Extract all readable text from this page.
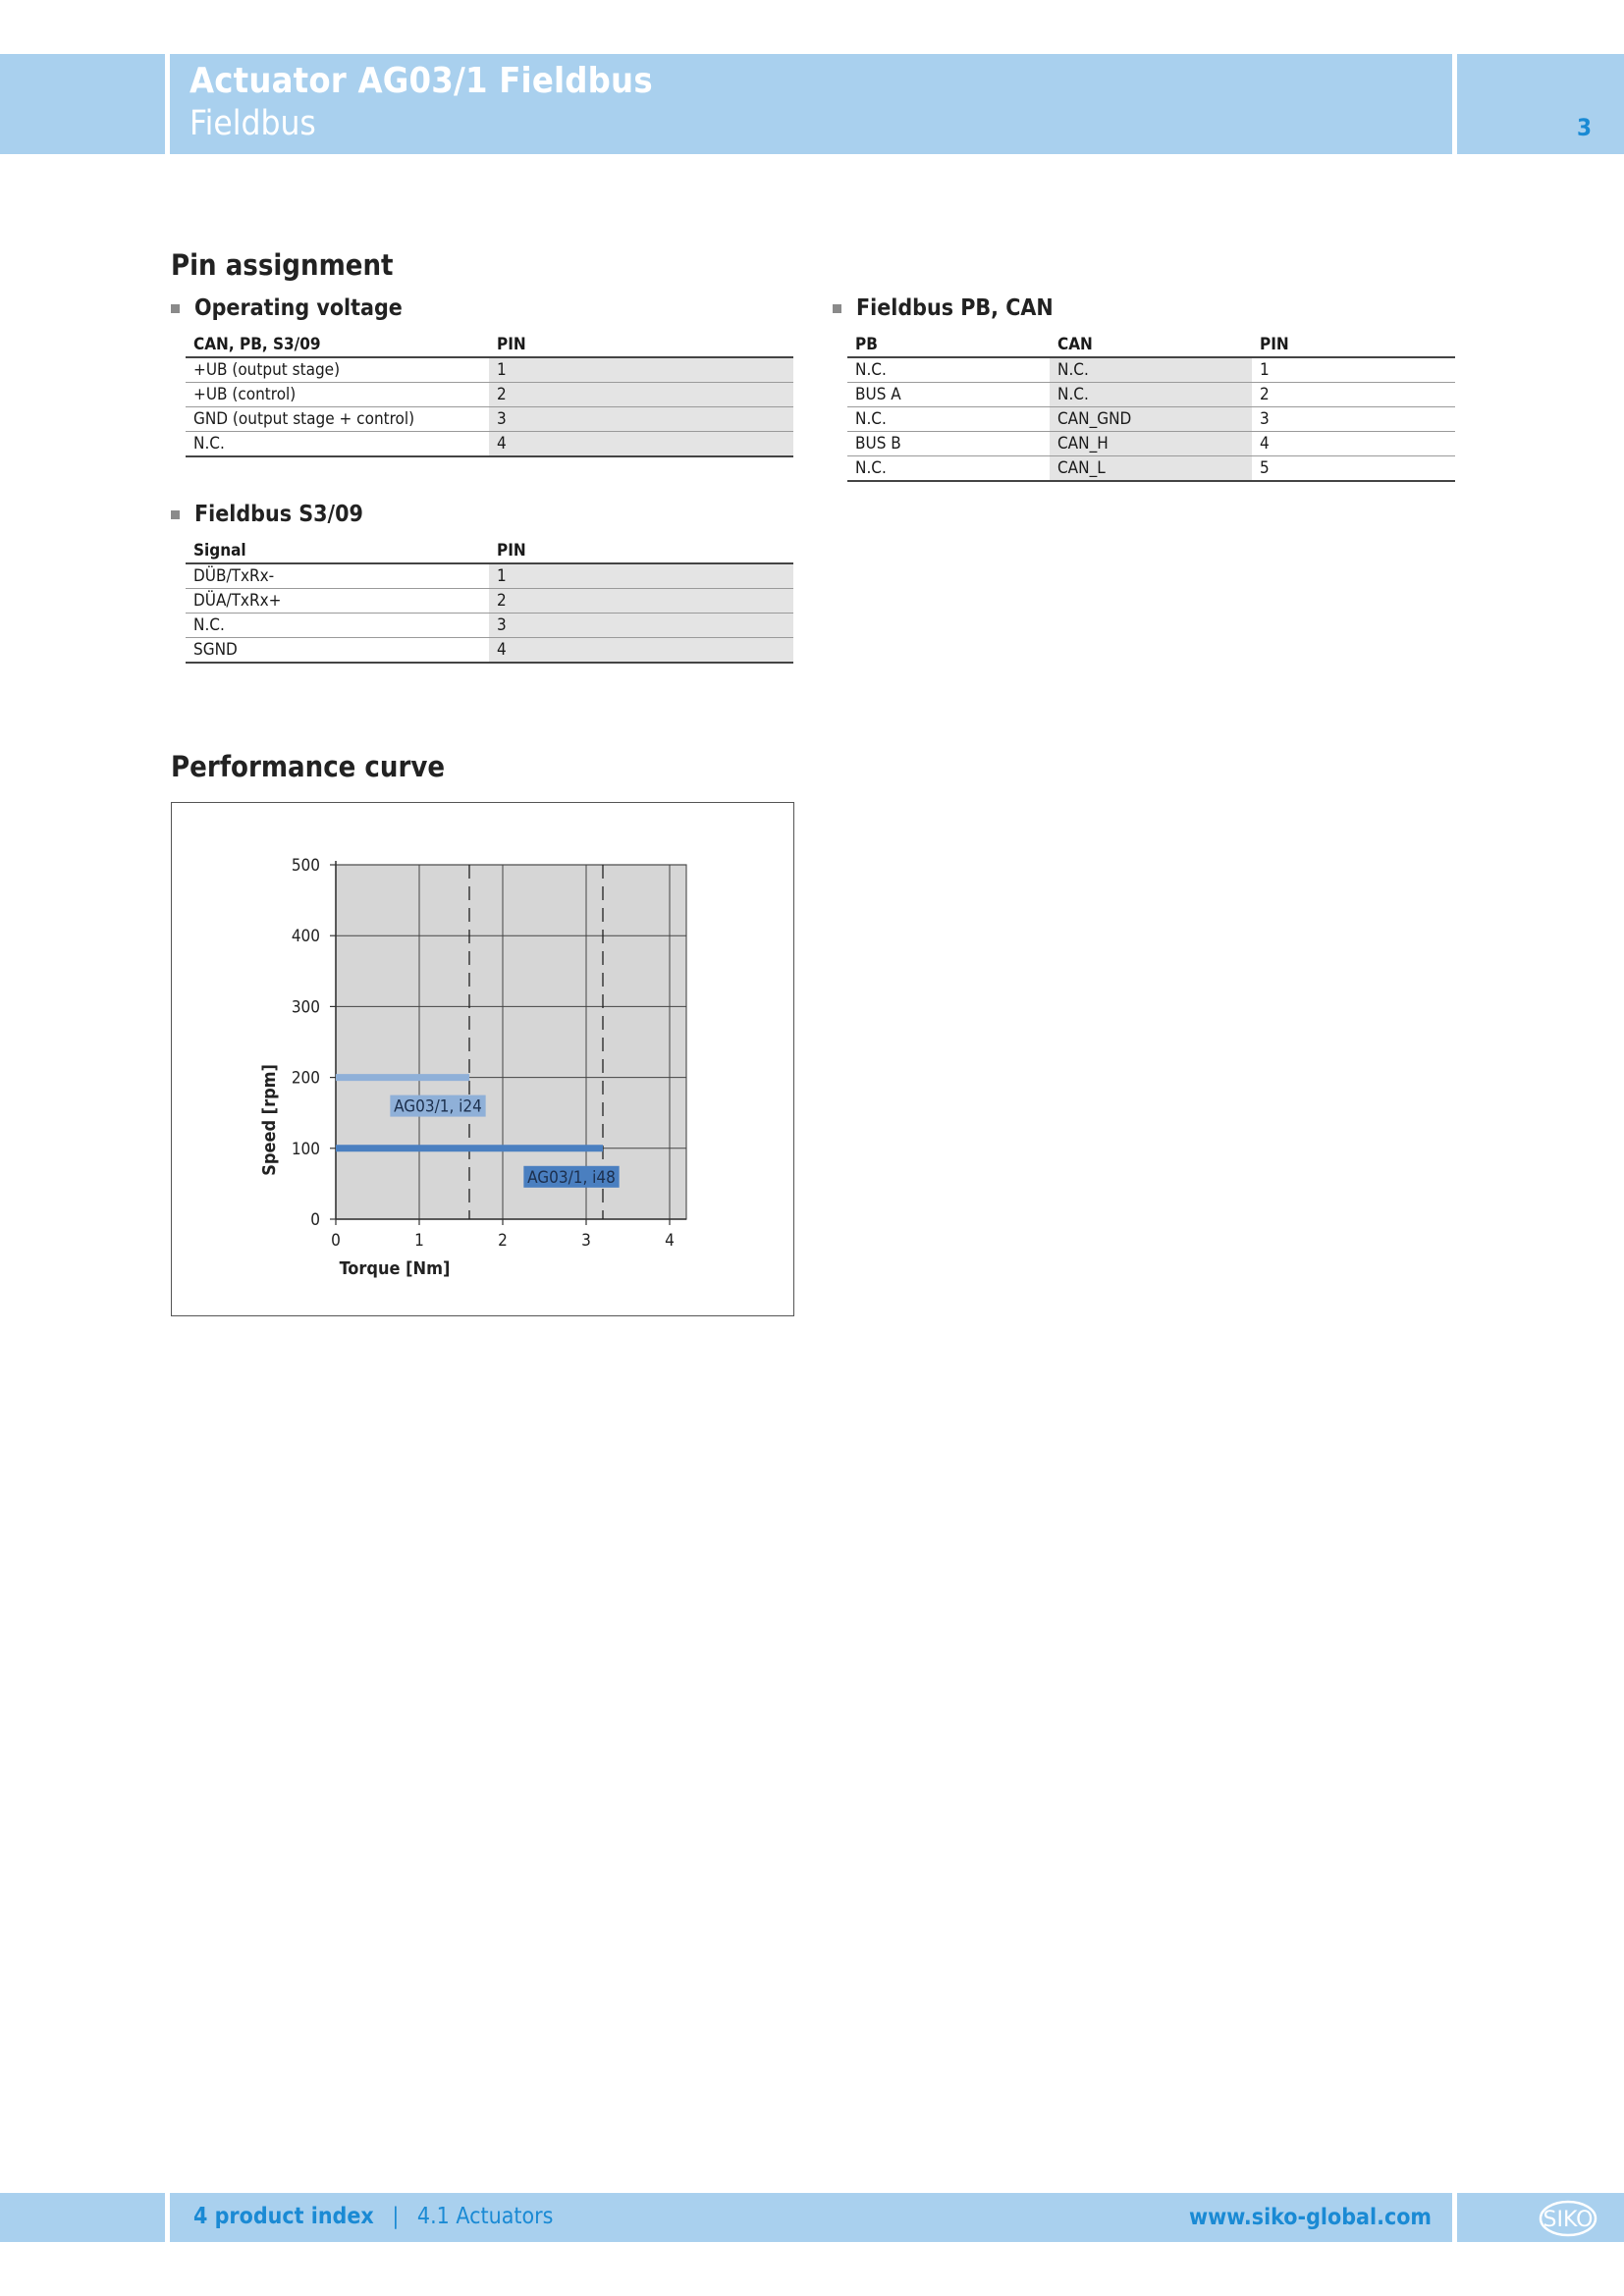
Actuator AG03/1 Fieldbus
Fieldbus	3
Pin assignment
Operating voltage
CAN, PB, S3/09	PIN
+UB (output stage)	1
+UB (control)	2
GND (output stage + control)	3
N.C.	4
Fieldbus S3/09
Signal	PIN
DÜB/TxRx-	1
DÜA/TxRx+	2
N.C.	3
SGND	4
Fieldbus PB, CAN
PB	CAN	PIN
N.C.	N.C.	1
BUS A	N.C.	2
N.C.	CAN_GND	3
BUS B	CAN_H	4
N.C.	CAN_L	5
Performance curve
0	1	2	3	4
0
100
200
300
400
500
Torque [Nm]
Speed [rpm]	AG03/1, i24
AG03/1, i48
4 product index | 4.1 Actuators	www.siko-global.com	SIKO
